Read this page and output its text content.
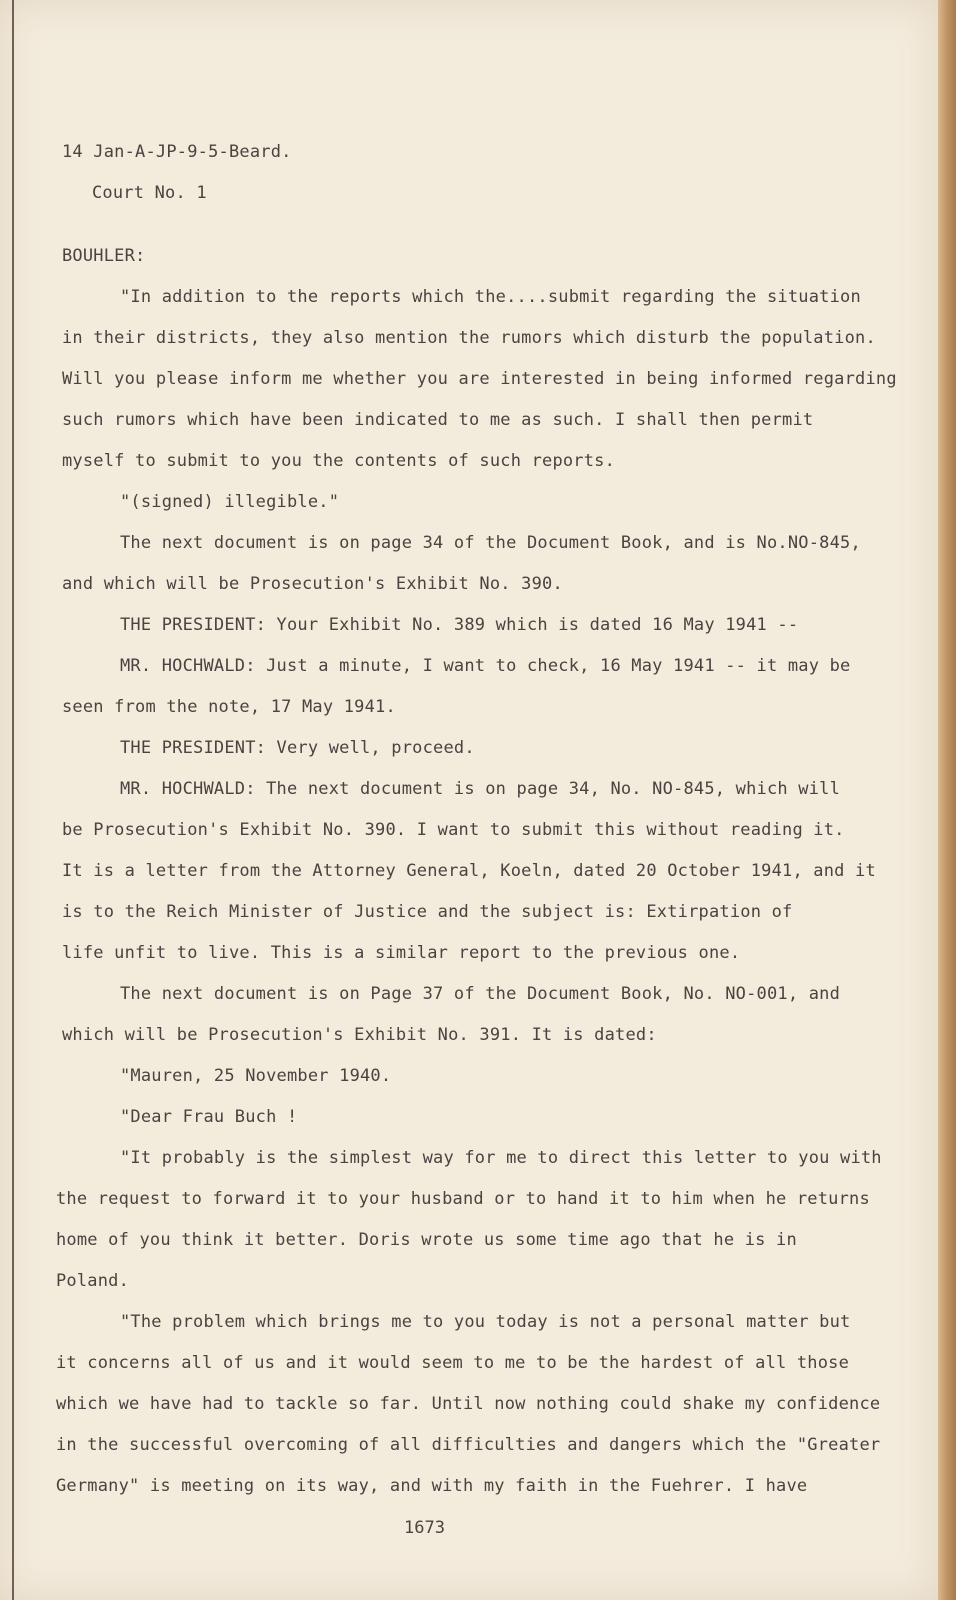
14 Jan-A-JP-9-5-Beard.
Court No. 1
BOUHLER:
"In addition to the reports which the....submit regarding the situation
in their districts, they also mention the rumors which disturb the population.
Will you please inform me whether you are interested in being informed regarding
such rumors which have been indicated to me as such. I shall then permit
myself to submit to you the contents of such reports.
"(signed) illegible."
The next document is on page 34 of the Document Book, and is No.NO-845,
and which will be Prosecution's Exhibit No. 390.
THE PRESIDENT: Your Exhibit No. 389 which is dated 16 May 1941 --
MR. HOCHWALD: Just a minute, I want to check, 16 May 1941 -- it may be
seen from the note, 17 May 1941.
THE PRESIDENT: Very well, proceed.
MR. HOCHWALD: The next document is on page 34, No. NO-845, which will
be Prosecution's Exhibit No. 390. I want to submit this without reading it.
It is a letter from the Attorney General, Koeln, dated 20 October 1941, and it
is to the Reich Minister of Justice and the subject is: Extirpation of
life unfit to live. This is a similar report to the previous one.
The next document is on Page 37 of the Document Book, No. NO-001, and
which will be Prosecution's Exhibit No. 391. It is dated:
"Mauren, 25 November 1940.
"Dear Frau Buch !
"It probably is the simplest way for me to direct this letter to you with
the request to forward it to your husband or to hand it to him when he returns
home of you think it better. Doris wrote us some time ago that he is in
Poland.
"The problem which brings me to you today is not a personal matter but
it concerns all of us and it would seem to me to be the hardest of all those
which we have had to tackle so far. Until now nothing could shake my confidence
in the successful overcoming of all difficulties and dangers which the "Greater
Germany" is meeting on its way, and with my faith in the Fuehrer. I have
1673
